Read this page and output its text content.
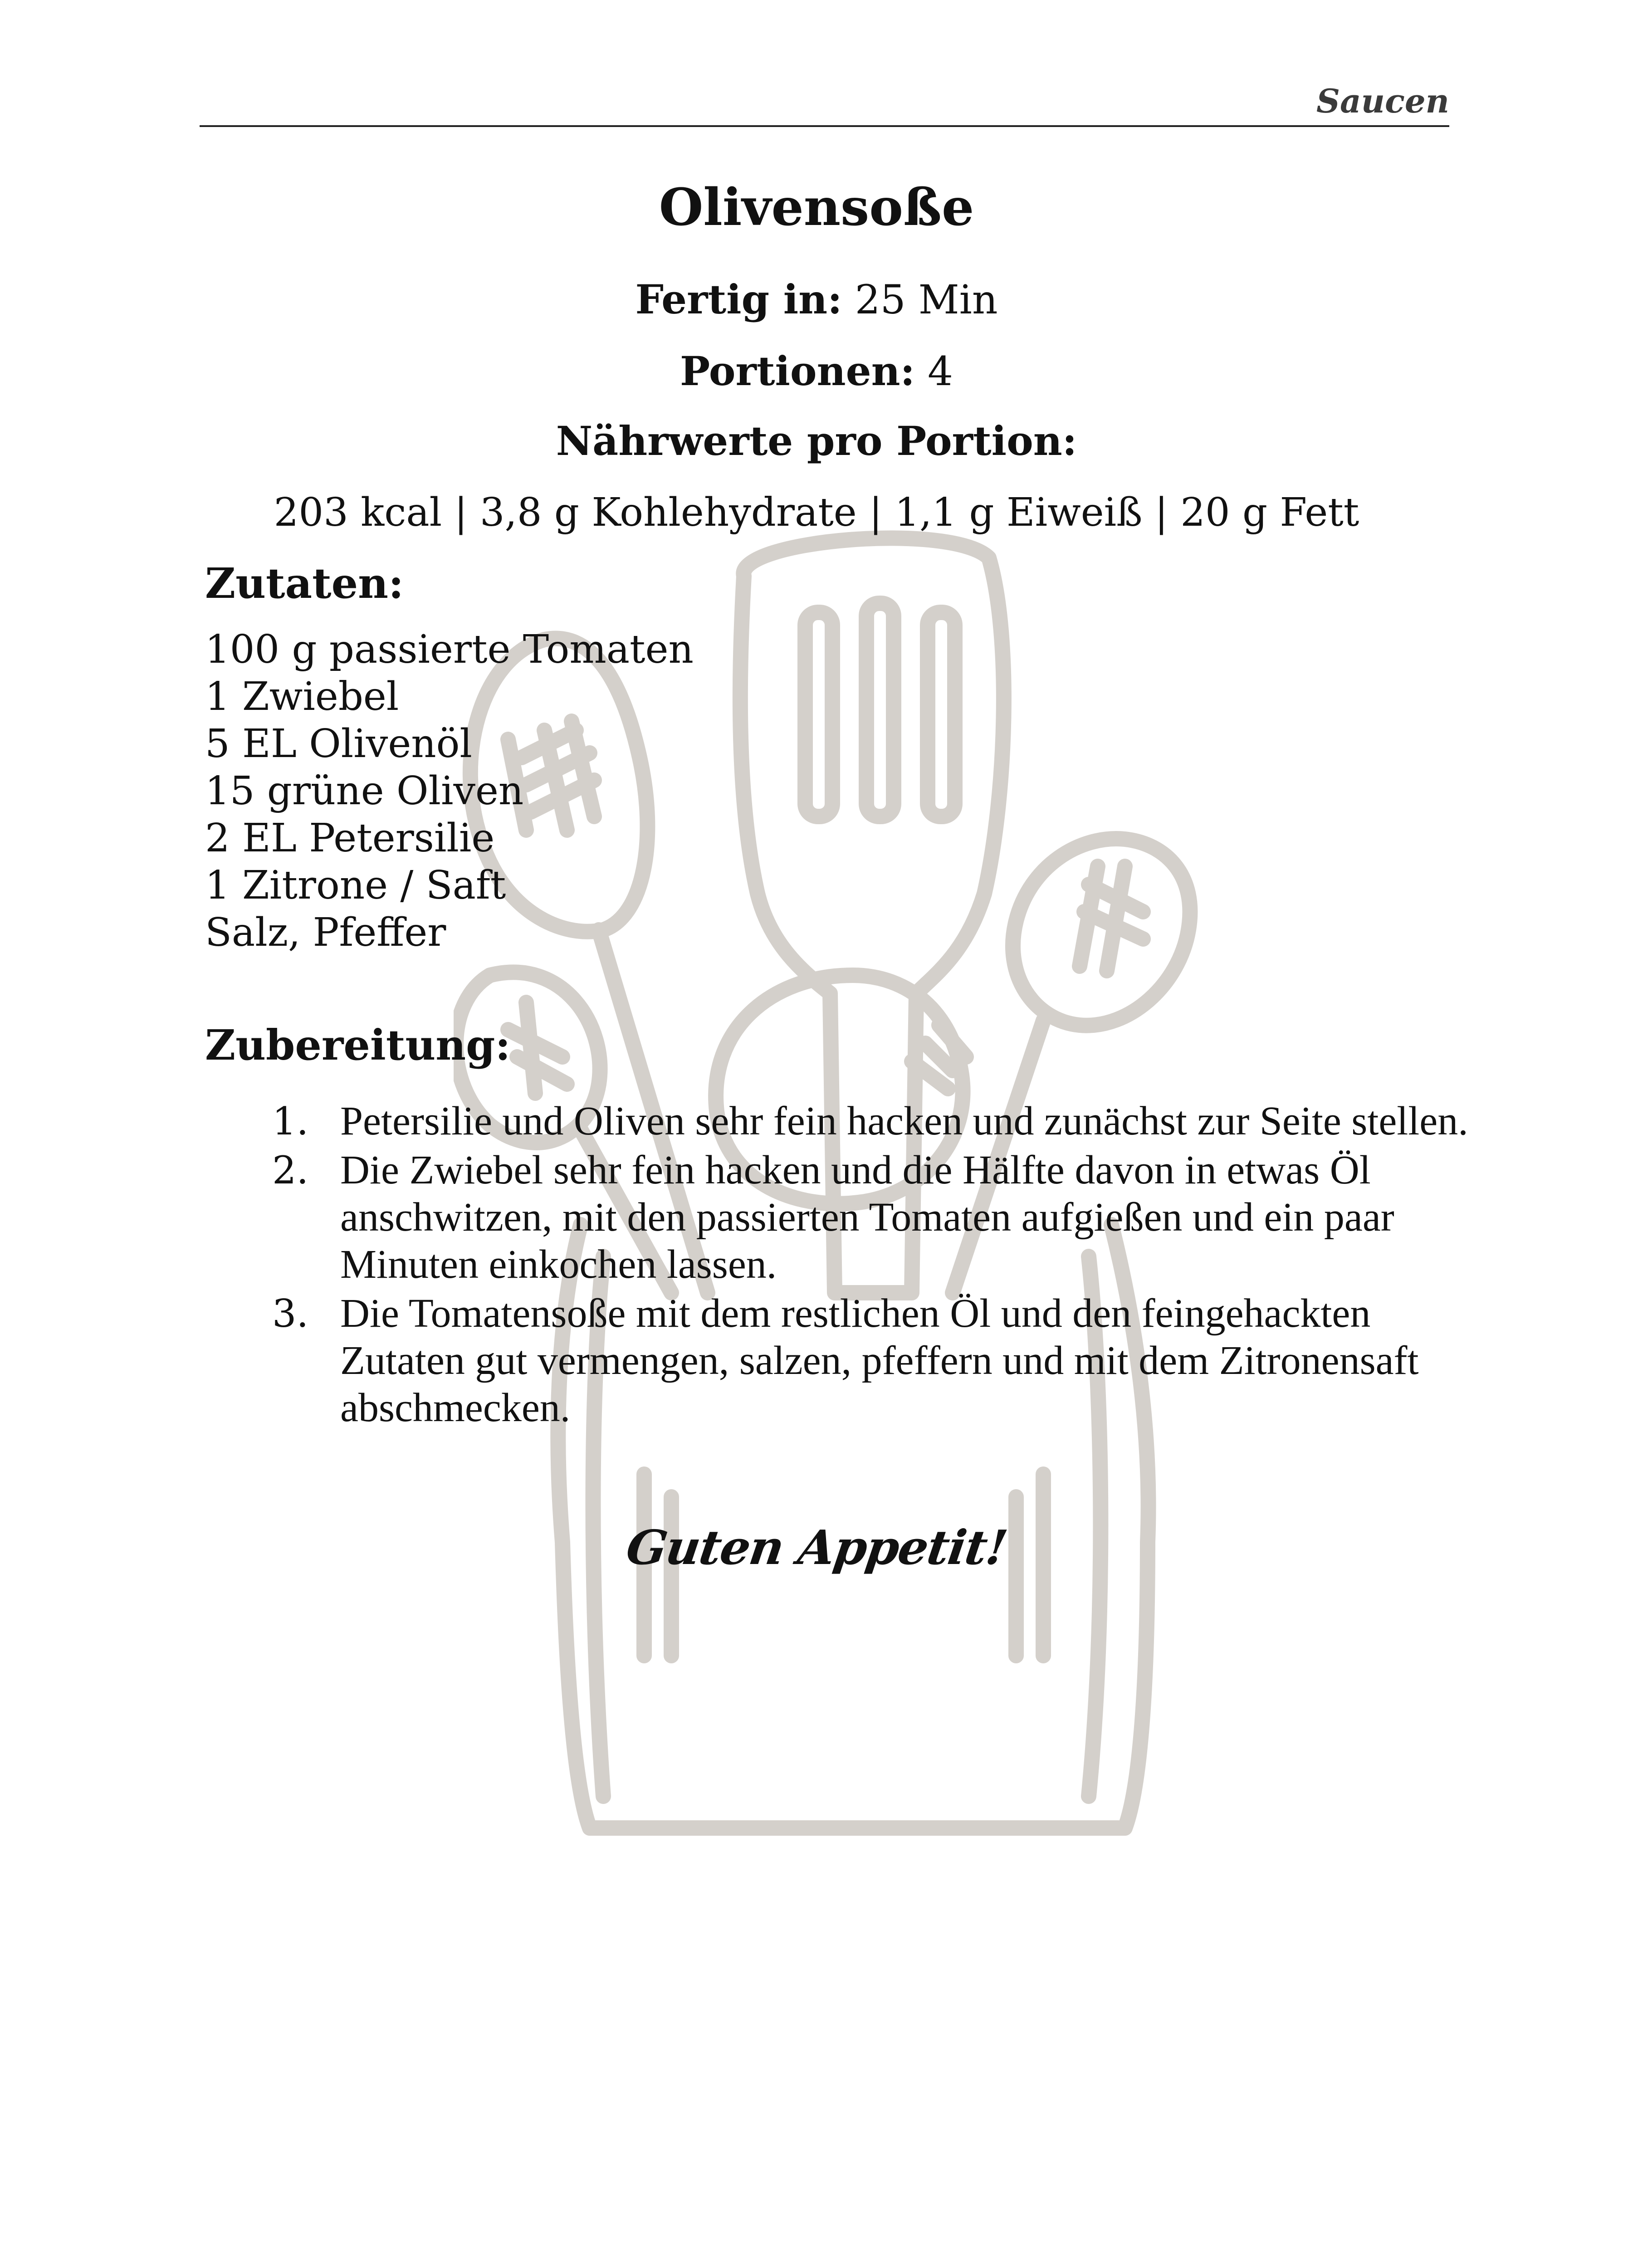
Saucen
Olivensoße
Fertig in: 25 Min
Portionen: 4
Nährwerte pro Portion:
203 kcal | 3,8 g Kohlehydrate | 1,1 g Eiweiß | 20 g Fett
Zutaten:
100 g passierte Tomaten
1 Zwiebel
5 EL Olivenöl
15 grüne Oliven
2 EL Petersilie
1 Zitrone / Saft
Salz, Pfeffer
Zubereitung:
1. Petersilie und Oliven sehr fein hacken und zunächst zur Seite stellen.
2. Die Zwiebel sehr fein hacken und die Hälfte davon in etwas Öl anschwitzen, mit den passierten Tomaten aufgießen und ein paar Minuten einkochen lassen.
3. Die Tomatensoße mit dem restlichen Öl und den feingehackten Zutaten gut vermengen, salzen, pfeffern und mit dem Zitronensaft abschmecken.
Guten Appetit!
